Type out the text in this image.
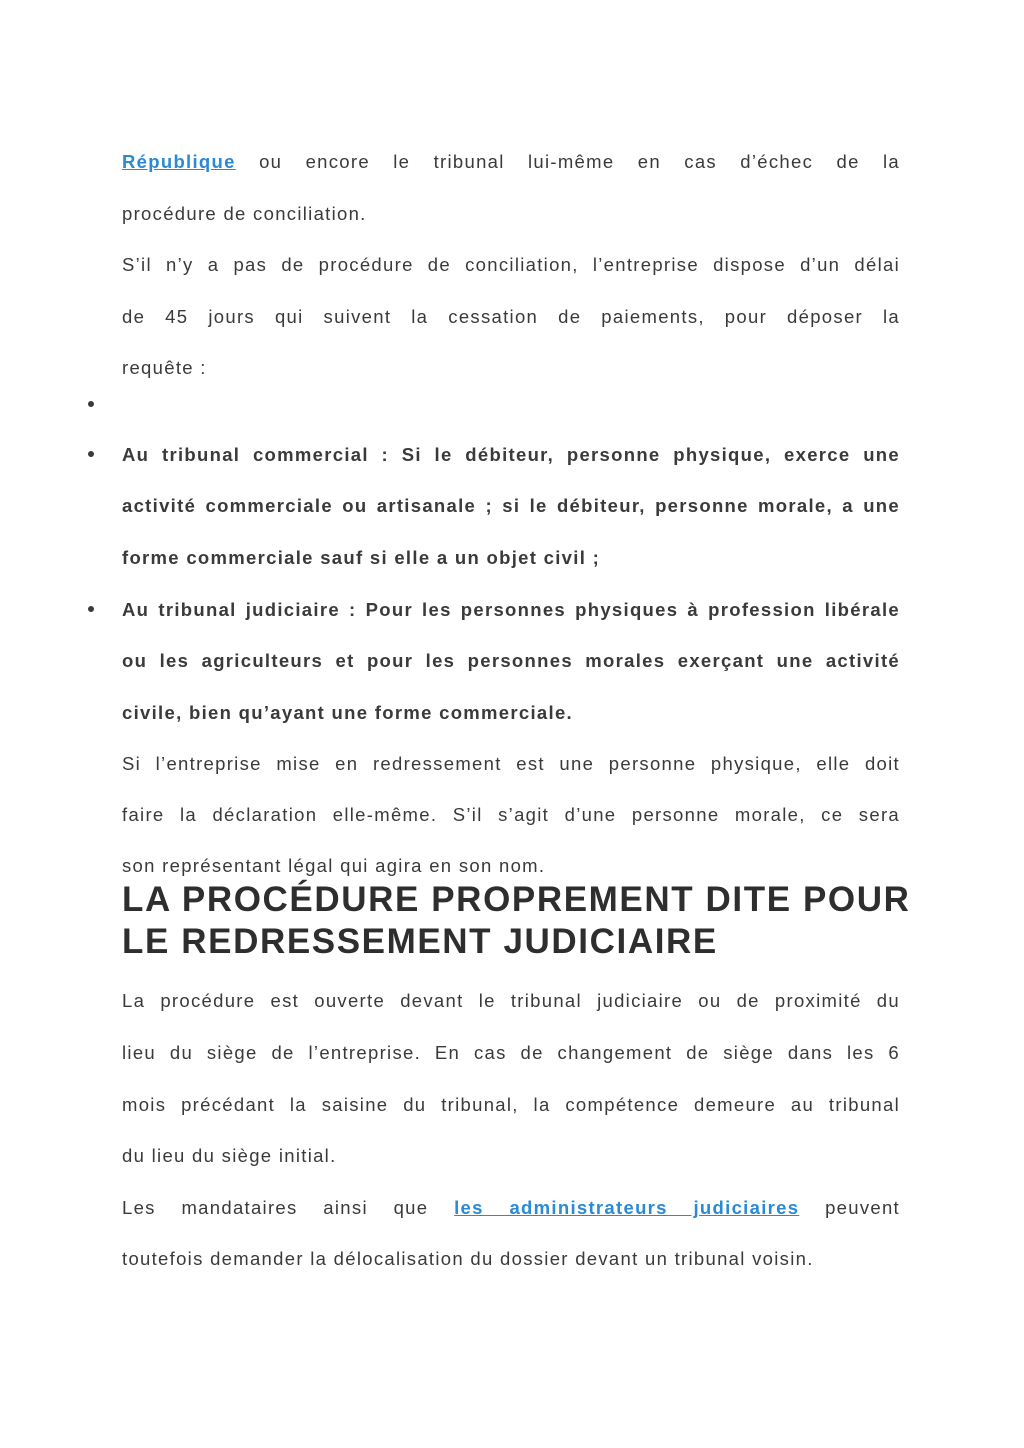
République ou encore le tribunal lui-même en cas d’échec de la
procédure de conciliation.
S’il n’y a pas de procédure de conciliation, l’entreprise dispose d’un délai
de 45 jours qui suivent la cessation de paiements, pour déposer la
requête :
Au tribunal commercial : Si le débiteur, personne physique, exerce une
activité commerciale ou artisanale ; si le débiteur, personne morale, a une
forme commerciale sauf si elle a un objet civil ;
Au tribunal judiciaire : Pour les personnes physiques à profession libérale
ou les agriculteurs et pour les personnes morales exerçant une activité
civile, bien qu’ayant une forme commerciale.
Si l’entreprise mise en redressement est une personne physique, elle doit
faire la déclaration elle-même. S’il s’agit d’une personne morale, ce sera
son représentant légal qui agira en son nom.
LA PROCÉDURE PROPREMENT DITE POUR
LE REDRESSEMENT JUDICIAIRE
La procédure est ouverte devant le tribunal judiciaire ou de proximité du
lieu du siège de l’entreprise. En cas de changement de siège dans les 6
mois précédant la saisine du tribunal, la compétence demeure au tribunal
du lieu du siège initial.
Les mandataires ainsi que les administrateurs judiciaires peuvent
toutefois demander la délocalisation du dossier devant un tribunal voisin.
